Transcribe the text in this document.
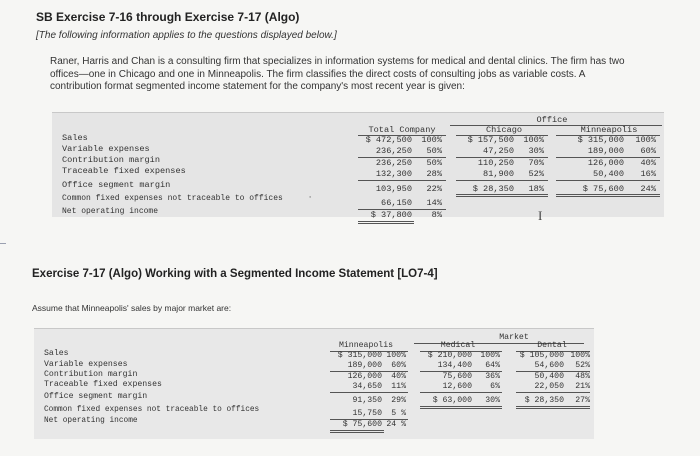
SB Exercise 7-16 through Exercise 7-17 (Algo)
[The following information applies to the questions displayed below.]
Raner, Harris and Chan is a consulting firm that specializes in information systems for medical and dental clinics. The firm has two offices—one in Chicago and one in Minneapolis. The firm classifies the direct costs of consulting jobs as variable costs. A contribution format segmented income statement for the company's most recent year is given:
Office
Total Company	Chicago	Minneapolis
Sales	$ 472,500	100%	$ 157,500	100%	$ 315,000	100%
Variable expenses	236,250	50%	47,250	30%	189,000	60%
Contribution margin	236,250	50%	110,250	70%	126,000	40%
Traceable fixed expenses	132,300	28%	81,900	52%	50,400	16%
Office segment margin	103,950	22%	$ 28,350	18%	$ 75,600	24%
Common fixed expenses not traceable to offices	·	66,150	14%
Net operating income	$ 37,800	8%	I
Exercise 7-17 (Algo) Working with a Segmented Income Statement [LO7-4]
Assume that Minneapolis' sales by major market are:
Market
Minneapolis	Medical	Dental
Sales	$ 315,000 100%	$ 210,000	100%	$ 105,000 100%
Variable expenses	189,000	60%	134,400	64%	54,600	52%
Contribution margin	126,000	40%	75,600	36%	50,400	48%
Traceable fixed expenses	34,650	11%	12,600	6%	22,050	21%
Office segment margin	91,350	29%	$ 63,000	30%	$ 28,350	27%
Common fixed expenses not traceable to offices	15,750	5 %
Net operating income	$ 75,600 24 %
